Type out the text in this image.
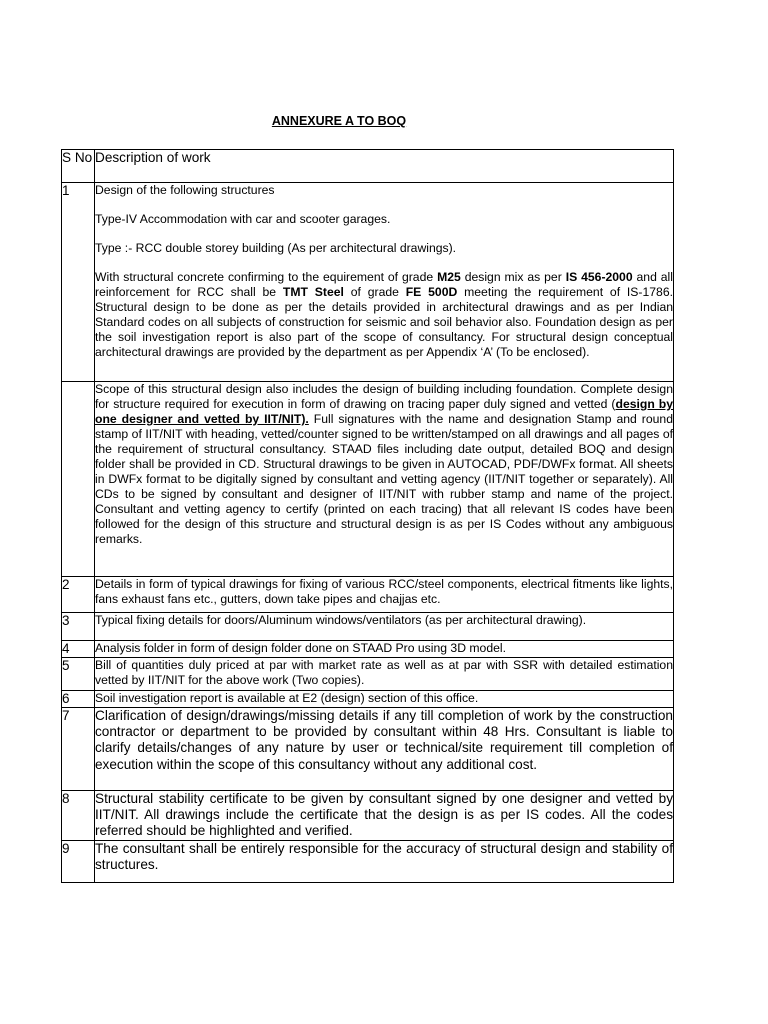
ANNEXURE A TO BOQ
S No	Description of work
1	Design of the following structures

Type-IV Accommodation with car and scooter garages.

Type :- RCC double storey building (As per architectural drawings).

With structural concrete confirming to the equirement of grade M25 design mix as per IS 456-2000 and all reinforcement for RCC shall be TMT Steel of grade FE 500D meeting the requirement of IS-1786. Structural design to be done as per the details provided in architectural drawings and as per Indian Standard codes on all subjects of construction for seismic and soil behavior also. Foundation design as per the soil investigation report is also part of the scope of consultancy. For structural design conceptual architectural drawings are provided by the department as per Appendix ‘A’ (To be enclosed).

	Scope of this structural design also includes the design of building including foundation. Complete design for structure required for execution in form of drawing on tracing paper duly signed and vetted (design by one designer and vetted by IIT/NIT). Full signatures with the name and designation Stamp and round stamp of IIT/NIT with heading, vetted/counter signed to be written/stamped on all drawings and all pages of the requirement of structural consultancy. STAAD files including date output, detailed BOQ and design folder shall be provided in CD. Structural drawings to be given in AUTOCAD, PDF/DWFx format. All sheets in DWFx format to be digitally signed by consultant and vetting agency (IIT/NIT together or separately). All CDs to be signed by consultant and designer of IIT/NIT with rubber stamp and name of the project. Consultant and vetting agency to certify (printed on each tracing) that all relevant IS codes have been followed for the design of this structure and structural design is as per IS Codes without any ambiguous remarks.
2	Details in form of typical drawings for fixing of various RCC/steel components, electrical fitments like lights, fans exhaust fans etc., gutters, down take pipes and chajjas etc.
3	Typical fixing details for doors/Aluminum windows/ventilators (as per architectural drawing).
4	Analysis folder in form of design folder done on STAAD Pro using 3D model.
5	Bill of quantities duly priced at par with market rate as well as at par with SSR with detailed estimation vetted by IIT/NIT for the above work (Two copies).
6	Soil investigation report is available at E2 (design) section of this office.
7	Clarification of design/drawings/missing details if any till completion of work by the construction contractor or department to be provided by consultant within 48 Hrs. Consultant is liable to clarify details/changes of any nature by user or technical/site requirement till completion of execution within the scope of this consultancy without any additional cost.
8	Structural stability certificate to be given by consultant signed by one designer and vetted by IIT/NIT. All drawings include the certificate that the design is as per IS codes. All the codes referred should be highlighted and verified.
9	The consultant shall be entirely responsible for the accuracy of structural design and stability of structures.
